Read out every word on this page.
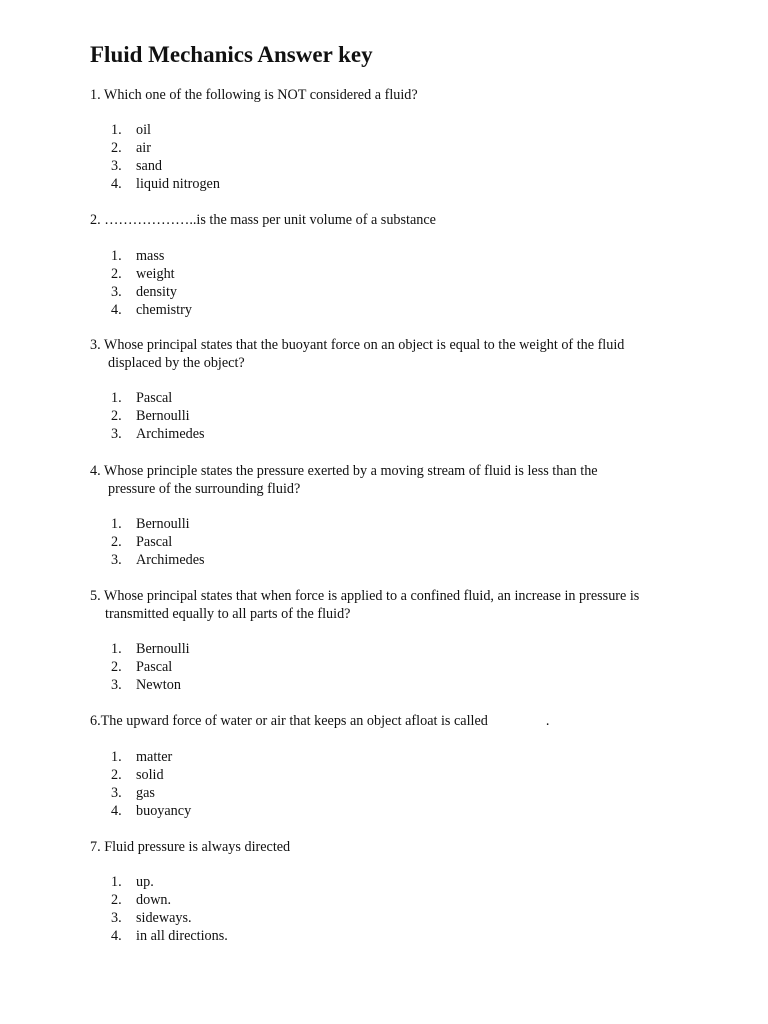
Fluid Mechanics Answer key

1. Which one of the following is NOT considered a fluid?

1.	oil
2.	air
3.	sand
4.	liquid nitrogen

2. ………………..is the mass per unit volume of a substance

1.	mass
2.	weight
3.	density
4.	chemistry

3. Whose principal states that the buoyant force on an object is equal to the weight of the fluid
displaced by the object?

1.	Pascal
2.	Bernoulli
3.	Archimedes

4. Whose principle states the pressure exerted by a moving stream of fluid is less than the
pressure of the surrounding fluid?

1.	Bernoulli
2.	Pascal
3.	Archimedes

5. Whose principal states that when force is applied to a confined fluid, an increase in pressure is
transmitted equally to all parts of the fluid?

1.	Bernoulli
2.	Pascal
3.	Newton

6.The upward force of water or air that keeps an object afloat is called	.

1.	matter
2.	solid
3.	gas
4.	buoyancy

7. Fluid pressure is always directed

1.	up.
2.	down.
3.	sideways.
4.	in all directions.
